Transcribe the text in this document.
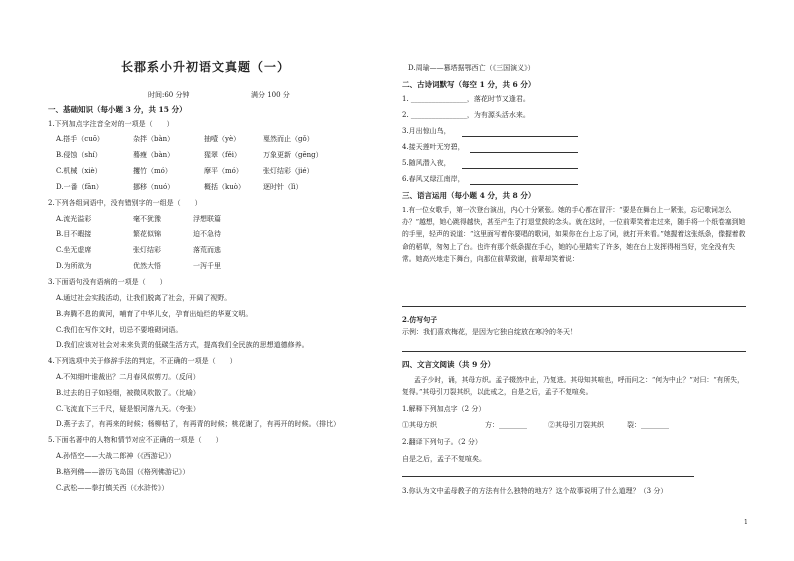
长郡系小升初语文真题（一）
时间:60 分钟	满分 100 分
一、基础知识（每小题 3 分，共 15 分）
1.下列加点字注音全对的一项是（　　）
A.搭手（cuō）	杂拌（bàn）	抽噎（yè）	戛然而止（gǒ）
B.侵蚀（shí）	蓦瘦（bàn）	猩翠（fěi）	万象更新（gēng）
C.机械（xiè）	攫竹（mó）	摩平（mó）	张灯结彩（jié）
D.一番（fān）	挪移（nuó）	概括（kuò）	逐时针（lì）
2.下列各组词语中，没有错别字的一组是（　　）
A.流光溢彩	毫不犹豫	浮想联篇
B.目不暇接	繁花似锦	迫不急待
C.坐无虚席	张灯结彩	落荒而逃
D.为所欲为	优然大悟	一泻千里
3.下面语句没有语病的一项是（　　）
A.通过社会实践活动，让我们脱离了社会，开阔了视野。
B.奔腾不息的黄河，哺育了中华儿女，孕育出灿烂的华夏文明。
C.我们在写作文时，切忌不要堆砌词语。
D.我们应该对社会对未来负责的低碳生活方式，提高我们全民族的思想道德修养。
4.下列选项中关于修辞手法的判定，不正确的一项是（　　）
A.不知细叶谁裁出？二月春风似剪刀。（反问）
B.过去的日子如轻烟，被微风吹散了。（比喻）
C.飞流直下三千尺，疑是银河落九天。（夸张）
D.燕子去了，有再来的时候；杨柳枯了，有再青的时候；桃花谢了，有再开的时候。（排比）
5.下面名著中的人物和情节对应不正确的一项是（　　）
A.孙悟空——大战二郎神（《西游记》）
B.格列佛——游历飞岛国（《格列佛游记》）
C.武松——拳打镇关西（《水浒传》）
D.周瑜——篡塔据鄂西亡（《三国演义》）
二、古诗词默写（每空 1 分，共 6 分）
1. ________________，落花时节又逢君。
2. ________________，为有源头活水来。
3.月出惊山鸟，
4.接天莲叶无穷碧，
5.随风潜入夜，
6.春风又绿江南岸，
三、语言运用（每小题 4 分，共 8 分）
1.有一位女歌手，第一次登台演出，内心十分紧张。她的手心都在冒汗：“要是在舞台上一紧张，忘记歌词怎么办？”越想，她心跳得越快，甚至产生了打退堂鼓的念头。就在这时，一位前辈笑着走过来，随手将一个纸卷塞到她的手里，轻声的说道：“这里面写着你要唱的歌词，如果你在台上忘了词，就打开来看。”她握着这张纸条，像握着救命的稻草，匆匆上了台。也许有那个纸条握在手心，她的心里踏实了许多，她在台上发挥得相当好，完全没有失常。她高兴地走下舞台，向那位前辈致谢，前辈却笑着说：
2.仿写句子
示例：我们喜欢梅花，是因为它独自绽放在寒冷的冬天！
四、文言文阅读（共 9 分）
孟子少时，诵，其母方织。孟子辍然中止，乃复进。其母知其喧也，呼而问之：“何为中止？”对曰：“有所失，复得。”其母引刀裂其织，以此戒之，自是之后，孟子不复喧矣。
1.解释下列加点字（2 分）
①其母方织	方：________	②其母引刀裂其织	裂：________
2.翻译下列句子。（2 分）
自是之后，孟子不复喧矣。
3.你认为文中孟母教子的方法有什么独特的地方？这个故事说明了什么道理？（3 分）
1
